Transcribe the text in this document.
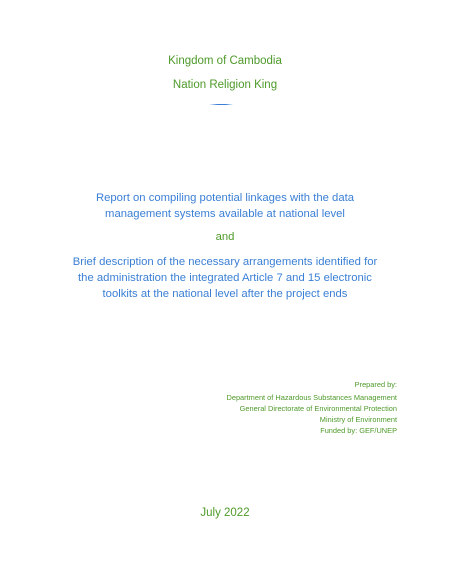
Kingdom of Cambodia
Nation Religion King
Report on compiling potential linkages with the data
management systems available at national level
and
Brief description of the necessary arrangements identified for
the administration the integrated Article 7 and 15 electronic
toolkits at the national level after the project ends
Prepared by:
Department of Hazardous Substances Management
General Directorate of Environmental Protection
Ministry of Environment
Funded by: GEF/UNEP
July 2022
